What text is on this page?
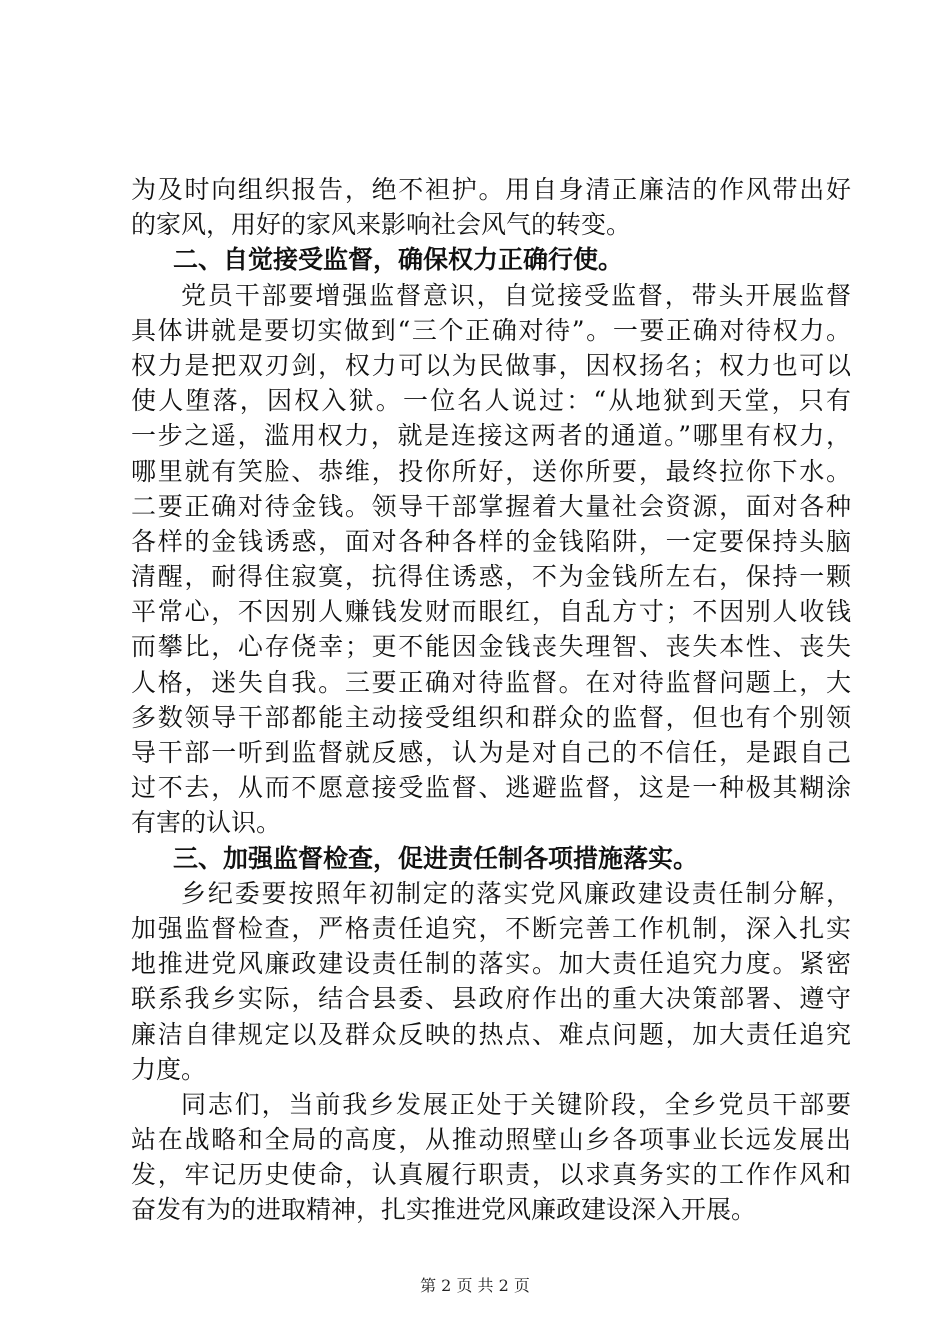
为及时向组织报告，绝不袒护。用自身清正廉洁的作风带出好
的家风，用好的家风来影响社会风气的转变。
二、自觉接受监督，确保权力正确行使。
党员干部要增强监督意识，自觉接受监督，带头开展监督
具体讲就是要切实做到“三个正确对待”。一要正确对待权力。
权力是把双刃剑，权力可以为民做事，因权扬名；权力也可以
使人堕落，因权入狱。一位名人说过：“从地狱到天堂，只有
一步之遥，滥用权力，就是连接这两者的通道。”哪里有权力，
哪里就有笑脸、恭维，投你所好，送你所要，最终拉你下水。
二要正确对待金钱。领导干部掌握着大量社会资源，面对各种
各样的金钱诱惑，面对各种各样的金钱陷阱，一定要保持头脑
清醒，耐得住寂寞，抗得住诱惑，不为金钱所左右，保持一颗
平常心，不因别人赚钱发财而眼红，自乱方寸；不因别人收钱
而攀比，心存侥幸；更不能因金钱丧失理智、丧失本性、丧失
人格，迷失自我。三要正确对待监督。在对待监督问题上，大
多数领导干部都能主动接受组织和群众的监督，但也有个别领
导干部一听到监督就反感，认为是对自己的不信任，是跟自己
过不去，从而不愿意接受监督、逃避监督，这是一种极其糊涂
有害的认识。
三、加强监督检查，促进责任制各项措施落实。
乡纪委要按照年初制定的落实党风廉政建设责任制分解，
加强监督检查，严格责任追究，不断完善工作机制，深入扎实
地推进党风廉政建设责任制的落实。加大责任追究力度。紧密
联系我乡实际，结合县委、县政府作出的重大决策部署、遵守
廉洁自律规定以及群众反映的热点、难点问题，加大责任追究
力度。
同志们，当前我乡发展正处于关键阶段，全乡党员干部要
站在战略和全局的高度，从推动照壁山乡各项事业长远发展出
发，牢记历史使命，认真履行职责，以求真务实的工作作风和
奋发有为的进取精神，扎实推进党风廉政建设深入开展。
第 2 页 共 2 页
